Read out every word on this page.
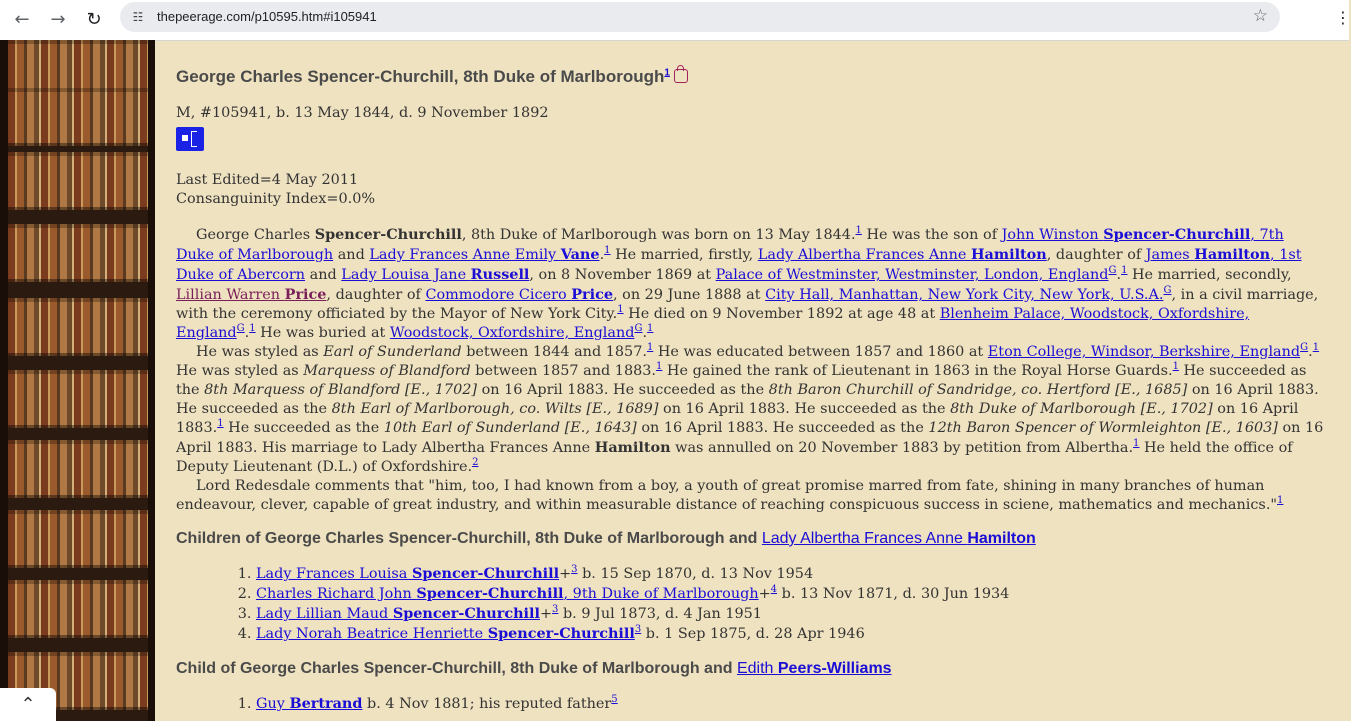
←	→	↻	☷	thepeerage.com/p10595.htm#i105941	☆	⋮
⌃
George Charles Spencer-Churchill, 8th Duke of Marlborough$^1$

M, #105941, b. 13 May 1844, d. 9 November 1892

Last Edited=4 May 2011

Consanguinity Index=0.0%

George Charles Spencer-Churchill, 8th Duke of Marlborough was born on 13 May 1844.$^1$ He was the son of John Winston Spencer-Churchill, 7th Duke of Marlborough and Lady Frances Anne Emily Vane.$^1$ He married, firstly, Lady Albertha Frances Anne Hamilton, daughter of James Hamilton, 1st Duke of Abercorn and Lady Louisa Jane Russell, on 8 November 1869 at Palace of Westminster, Westminster, London, England$^G$.$^1$ He married, secondly, Lillian Warren Price, daughter of Commodore Cicero Price, on 29 June 1888 at City Hall, Manhattan, New York City, New York, U.S.A.$^G$, in a civil marriage, with the ceremony officiated by the Mayor of New York City.$^1$ He died on 9 November 1892 at age 48 at Blenheim Palace, Woodstock, Oxfordshire, England$^G$.$^1$ He was buried at Woodstock, Oxfordshire, England$^G$.$^1$

He was styled as Earl of Sunderland between 1844 and 1857.$^1$ He was educated between 1857 and 1860 at Eton College, Windsor, Berkshire, England$^G$.$^1$ He was styled as Marquess of Blandford between 1857 and 1883.$^1$ He gained the rank of Lieutenant in 1863 in the Royal Horse Guards.$^1$ He succeeded as the 8th Marquess of Blandford [E., 1702] on 16 April 1883. He succeeded as the 8th Baron Churchill of Sandridge, co. Hertford [E., 1685] on 16 April 1883. He succeeded as the 8th Earl of Marlborough, co. Wilts [E., 1689] on 16 April 1883. He succeeded as the 8th Duke of Marlborough [E., 1702] on 16 April 1883.$^1$ He succeeded as the 10th Earl of Sunderland [E., 1643] on 16 April 1883. He succeeded as the 12th Baron Spencer of Wormleighton [E., 1603] on 16 April 1883. His marriage to Lady Albertha Frances Anne Hamilton was annulled on 20 November 1883 by petition from Albertha.$^1$ He held the office of Deputy Lieutenant (D.L.) of Oxfordshire.$^2$

Lord Redesdale comments that "him, too, I had known from a boy, a youth of great promise marred from fate, shining in many branches of human endeavour, clever, capable of great industry, and within measurable distance of reaching conspicuous success in sciene, mathematics and mechanics."$^1$

Children of George Charles Spencer-Churchill, 8th Duke of Marlborough and Lady Albertha Frances Anne Hamilton
1. Lady Frances Louisa Spencer-Churchill+$^3$ b. 15 Sep 1870, d. 13 Nov 1954
2. Charles Richard John Spencer-Churchill, 9th Duke of Marlborough+$^4$ b. 13 Nov 1871, d. 30 Jun 1934
3. Lady Lillian Maud Spencer-Churchill+$^3$ b. 9 Jul 1873, d. 4 Jan 1951
4. Lady Norah Beatrice Henriette Spencer-Churchill$^3$ b. 1 Sep 1875, d. 28 Apr 1946
Child of George Charles Spencer-Churchill, 8th Duke of Marlborough and Edith Peers-Williams
1. Guy Bertrand b. 4 Nov 1881; his reputed father$^5$
